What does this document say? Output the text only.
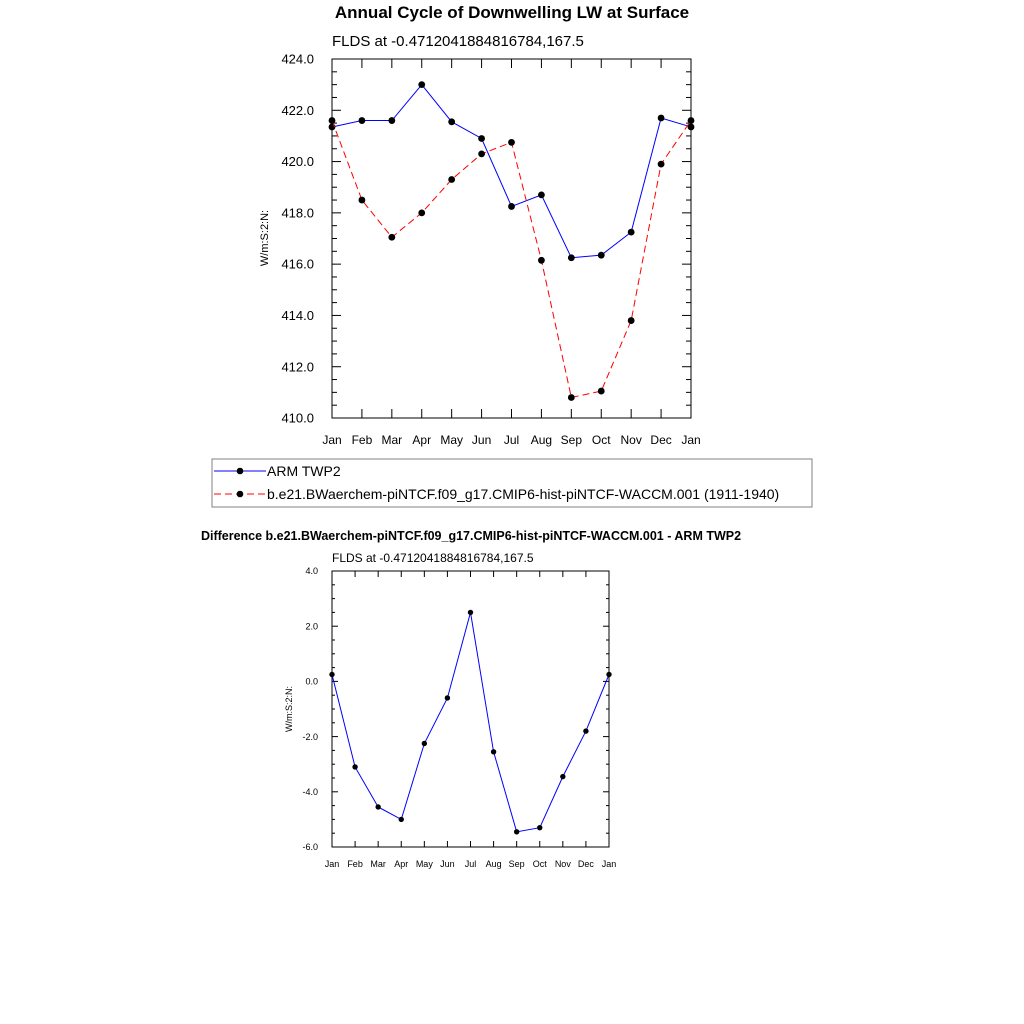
Annual Cycle of Downwelling LW at Surface
FLDS at -0.4712041884816784,167.5
W/m:S:2:N:
Jan Feb Mar Apr May Jun Jul Aug Sep Oct Nov Dec Jan
410.0
412.0
414.0
416.0
418.0
420.0
422.0
424.0
ARM TWP2
b.e21.BWaerchem-piNTCF.f09_g17.CMIP6-hist-piNTCF-WACCM.001 (1911-1940)
Difference b.e21.BWaerchem-piNTCF.f09_g17.CMIP6-hist-piNTCF-WACCM.001 - ARM TWP2
FLDS at -0.4712041884816784,167.5
W/m:S:2:N:
Jan Feb Mar Apr May Jun Jul Aug Sep Oct Nov Dec Jan
-6.0
-4.0
-2.0
0.0
2.0
4.0
